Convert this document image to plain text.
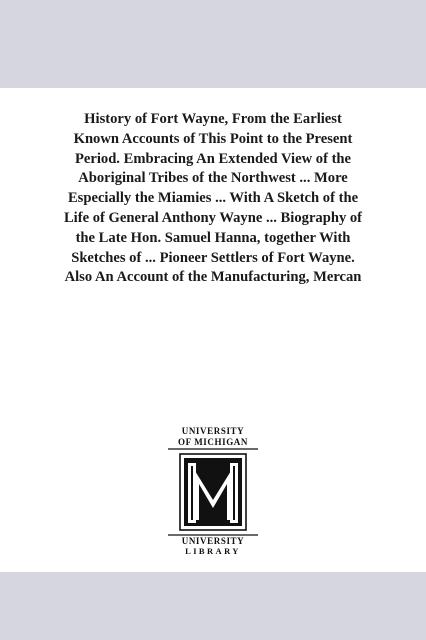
History of Fort Wayne, From the Earliest Known Accounts of This Point to the Present Period. Embracing An Extended View of the Aboriginal Tribes of the Northwest ... More Especially the Miamies ... With A Sketch of the Life of General Anthony Wayne ... Biography of the Late Hon. Samuel Hanna, together With Sketches of ... Pioneer Settlers of Fort Wayne. Also An Account of the Manufacturing, Mercan
UNIVERSITY
OF MICHIGAN
UNIVERSITY
LIBRARY
